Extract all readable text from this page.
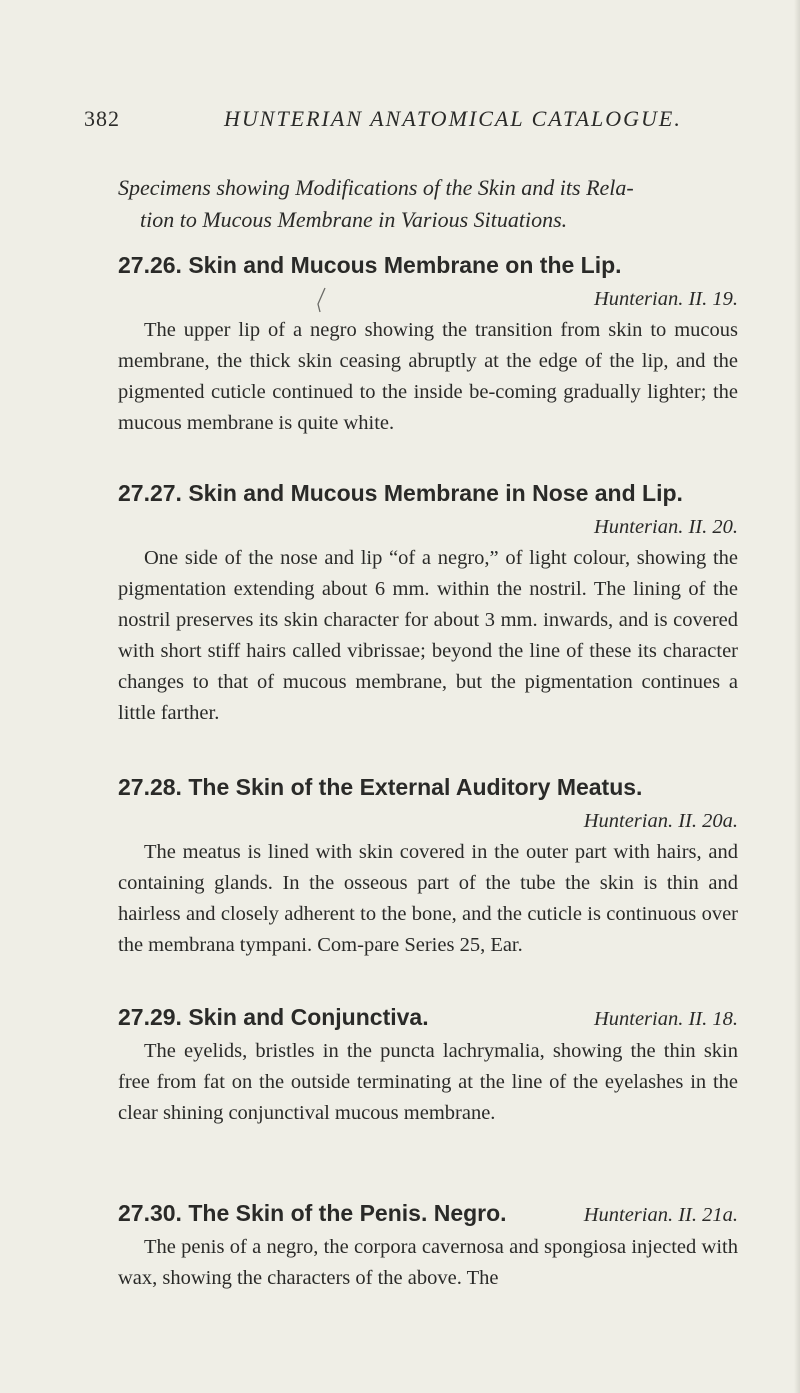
382	HUNTERIAN ANATOMICAL CATALOGUE.
Specimens showing Modifications of the Skin and its Rela-
tion to Mucous Membrane in Various Situations.
27.26. Skin and Mucous Membrane on the Lip.
Hunterian. II. 19.
The upper lip of a negro showing the transition from skin to mucous membrane, the thick skin ceasing abruptly at the edge of the lip, and the pigmented cuticle continued to the inside be-coming gradually lighter; the mucous membrane is quite white.
27.27. Skin and Mucous Membrane in Nose and Lip.
Hunterian. II. 20.
One side of the nose and lip “of a negro,” of light colour, showing the pigmentation extending about 6 mm. within the nostril. The lining of the nostril preserves its skin character for about 3 mm. inwards, and is covered with short stiff hairs called vibrissae; beyond the line of these its character changes to that of mucous membrane, but the pigmentation continues a little farther.
27.28. The Skin of the External Auditory Meatus.
Hunterian. II. 20a.
The meatus is lined with skin covered in the outer part with hairs, and containing glands. In the osseous part of the tube the skin is thin and hairless and closely adherent to the bone, and the cuticle is continuous over the membrana tympani. Com-pare Series 25, Ear.
27.29. Skin and Conjunctiva.	Hunterian. II. 18.
The eyelids, bristles in the puncta lachrymalia, showing the thin skin free from fat on the outside terminating at the line of the eyelashes in the clear shining conjunctival mucous membrane.
27.30. The Skin of the Penis. Negro.	Hunterian. II. 21a.
The penis of a negro, the corpora cavernosa and spongiosa injected with wax, showing the characters of the above. The
